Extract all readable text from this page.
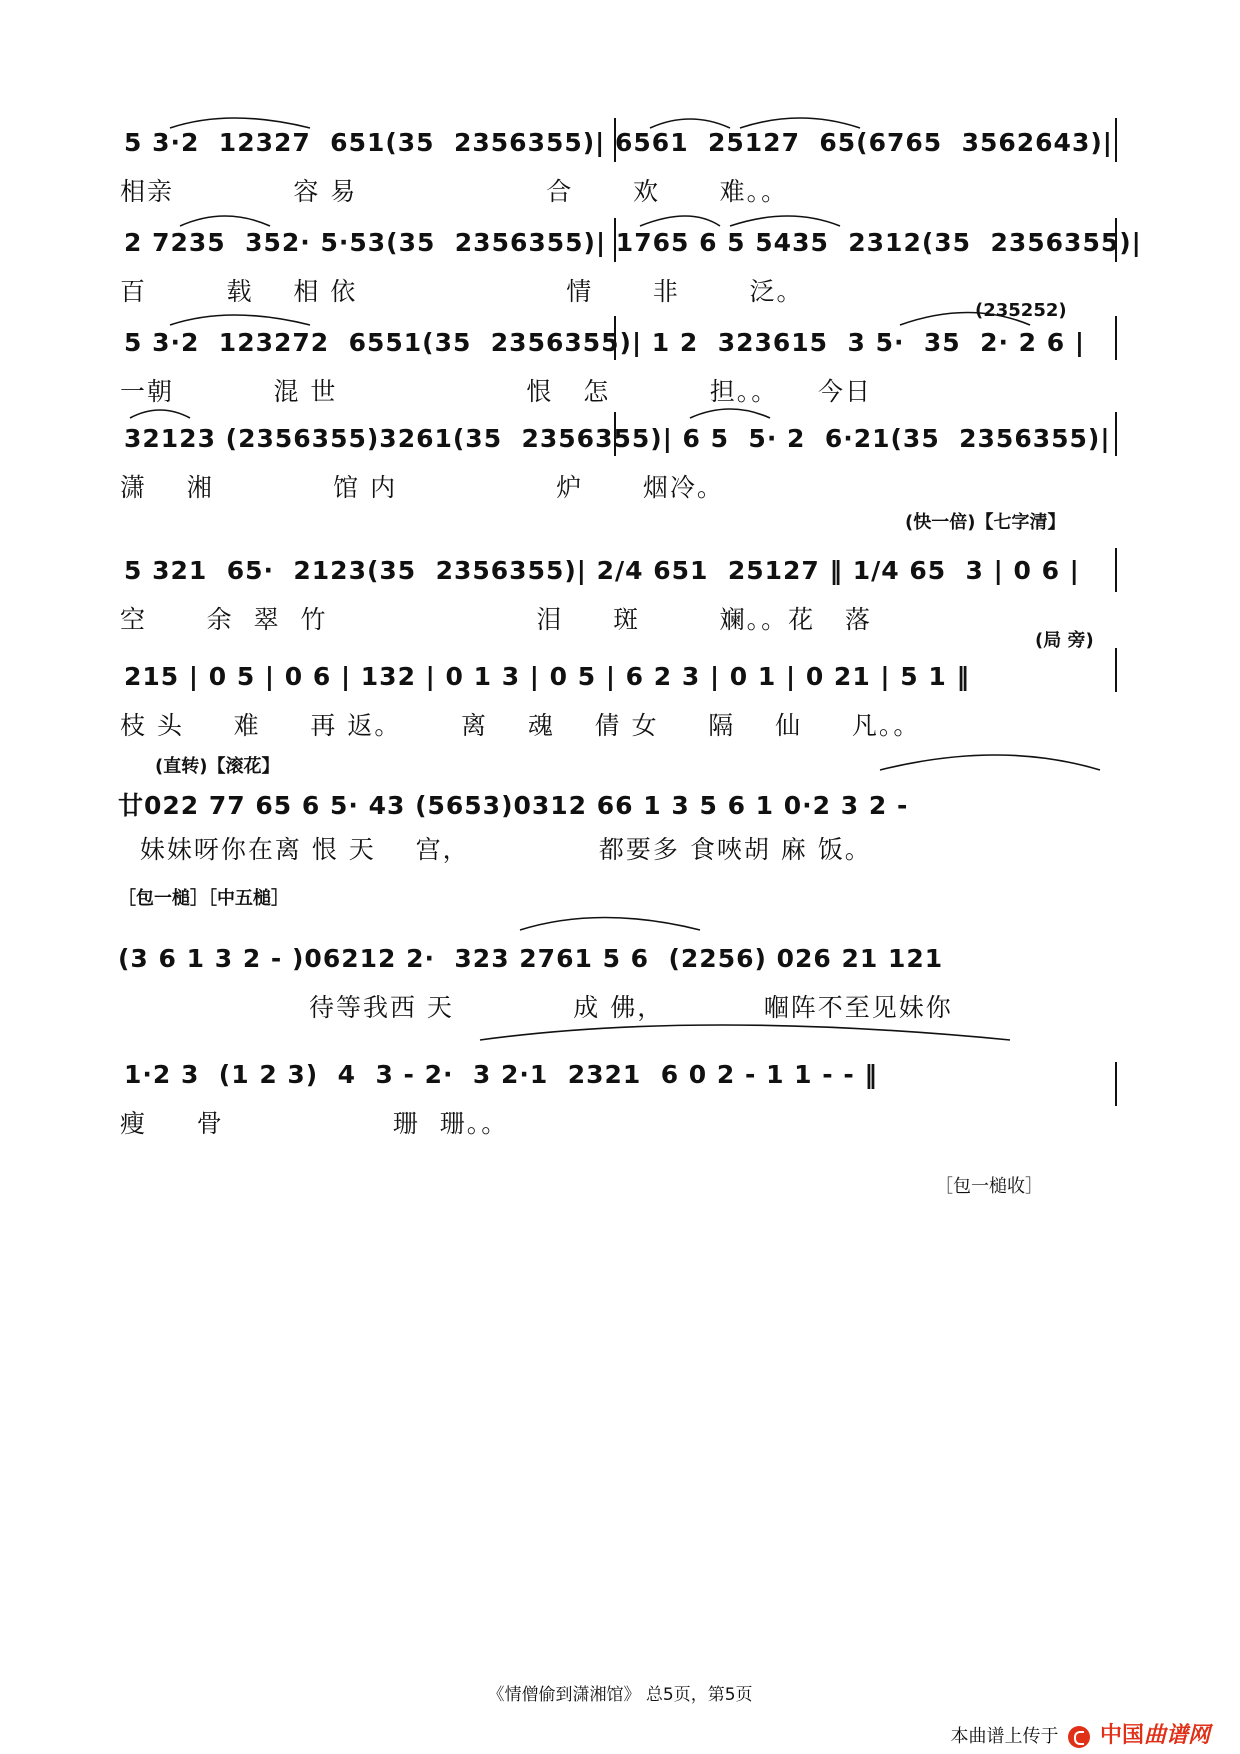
5 3·2  12327  651(35  2356355)| 6561  25127  65(6765  3562643)|
相亲            容 易                   合      欢      难。。
2 7235  352· 5·53(35  2356355)| 1765 6 5 5435  2312(35  2356355)|
百        载    相 依                     情      非       泛。
(235252)
5 3·2  123272  6551(35  2356355)| 1 2  323615  3 5·  35  2· 2 6 |
一朝          混 世                   恨   怎          担。。    今日
32123 (2356355)3261(35  2356355)| 6 5  5· 2  6·21(35  2356355)|
潇    湘            馆 内                炉      烟冷。
(快一倍)【七字清】
5 321  65·  2123(35  2356355)| 2/4 651  25127 ‖ 1/4 65  3 | 0 6 |
空      余  翠  竹                     泪     斑        斓。。花   落
(局 旁)
215 | 0 5 | 0 6 | 132 | 0 1 3 | 0 5 | 6 2 3 | 0 1 | 0 21 | 5 1 ‖
枝 头     难     再 返。      离    魂    倩 女     隔    仙     凡。。
(直转)【滚花】
廿022 77 65 6 5· 43 (5653)0312 66 1 3 5 6 1 0·2 3 2 -
妹妹呀你在离 恨 天    宫，             都要多 食唊胡 麻 饭。
［包一槌］［中五槌］
(3 6 1 3 2 - )06212 2·  323 2761 5 6  (2256) 026 21 121
待等我西 天            成 佛，          嗰阵不至见妹你
1·2 3  (1 2 3)  4  3 - 2·  3 2·1  2321  6 0 2 - 1 1 - - ‖
瘦     骨                 珊  珊。。
［包一槌收］
《情僧偷到潇湘馆》 总5页，第5页
本曲谱上传于 中国曲谱网
